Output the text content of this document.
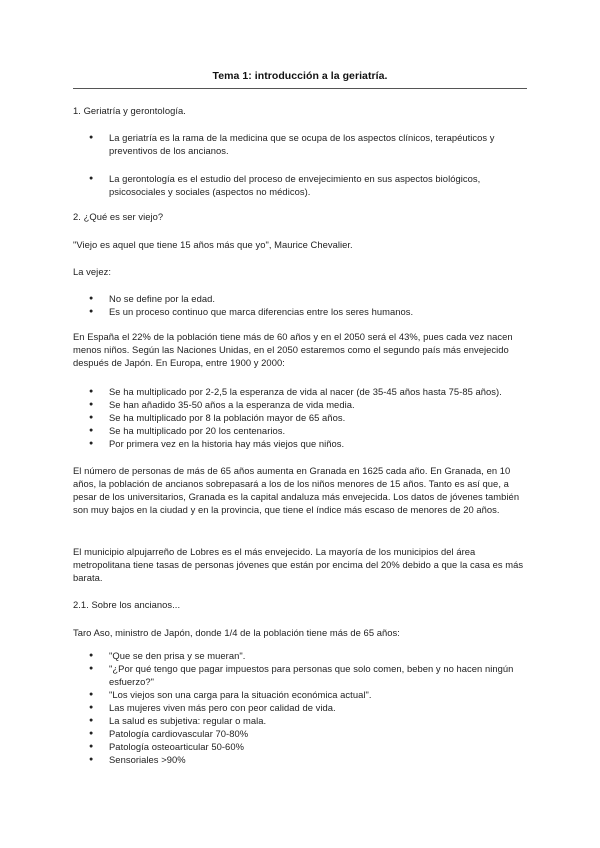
Tema 1: introducción a la geriatría.

1. Geriatría y gerontología.

● La geriatría es la rama de la medicina que se ocupa de los aspectos clínicos, terapéuticos y preventivos de los ancianos.
● La gerontología es el estudio del proceso de envejecimiento en sus aspectos biológicos, psicosociales y sociales (aspectos no médicos).

2. ¿Qué es ser viejo?

"Viejo es aquel que tiene 15 años más que yo", Maurice Chevalier.

La vejez:

● No se define por la edad.
● Es un proceso continuo que marca diferencias entre los seres humanos.

En España el 22% de la población tiene más de 60 años y en el 2050 será el 43%, pues cada vez nacen menos niños. Según las Naciones Unidas, en el 2050 estaremos como el segundo país más envejecido después de Japón. En Europa, entre 1900 y 2000:

● Se ha multiplicado por 2-2,5 la esperanza de vida al nacer (de 35-45 años hasta 75-85 años).
● Se han añadido 35-50 años a la esperanza de vida media.
● Se ha multiplicado por 8 la población mayor de 65 años.
● Se ha multiplicado por 20 los centenarios.
● Por primera vez en la historia hay más viejos que niños.

El número de personas de más de 65 años aumenta en Granada en 1625 cada año. En Granada, en 10 años, la población de ancianos sobrepasará a los de los niños menores de 15 años. Tanto es así que, a pesar de los universitarios, Granada es la capital andaluza más envejecida. Los datos de jóvenes también son muy bajos en la ciudad y en la provincia, que tiene el índice más escaso de menores de 20 años.

El municipio alpujarreño de Lobres es el más envejecido. La mayoría de los municipios del área metropolitana tiene tasas de personas jóvenes que están por encima del 20% debido a que la casa es más barata.

2.1. Sobre los ancianos...

Taro Aso, ministro de Japón, donde 1/4 de la población tiene más de 65 años:

● "Que se den prisa y se mueran".
● "¿Por qué tengo que pagar impuestos para personas que solo comen, beben y no hacen ningún esfuerzo?"
● "Los viejos son una carga para la situación económica actual".
● Las mujeres viven más pero con peor calidad de vida.
● La salud es subjetiva: regular o mala.
● Patología cardiovascular 70-80%
● Patología osteoarticular 50-60%
● Sensoriales >90%
